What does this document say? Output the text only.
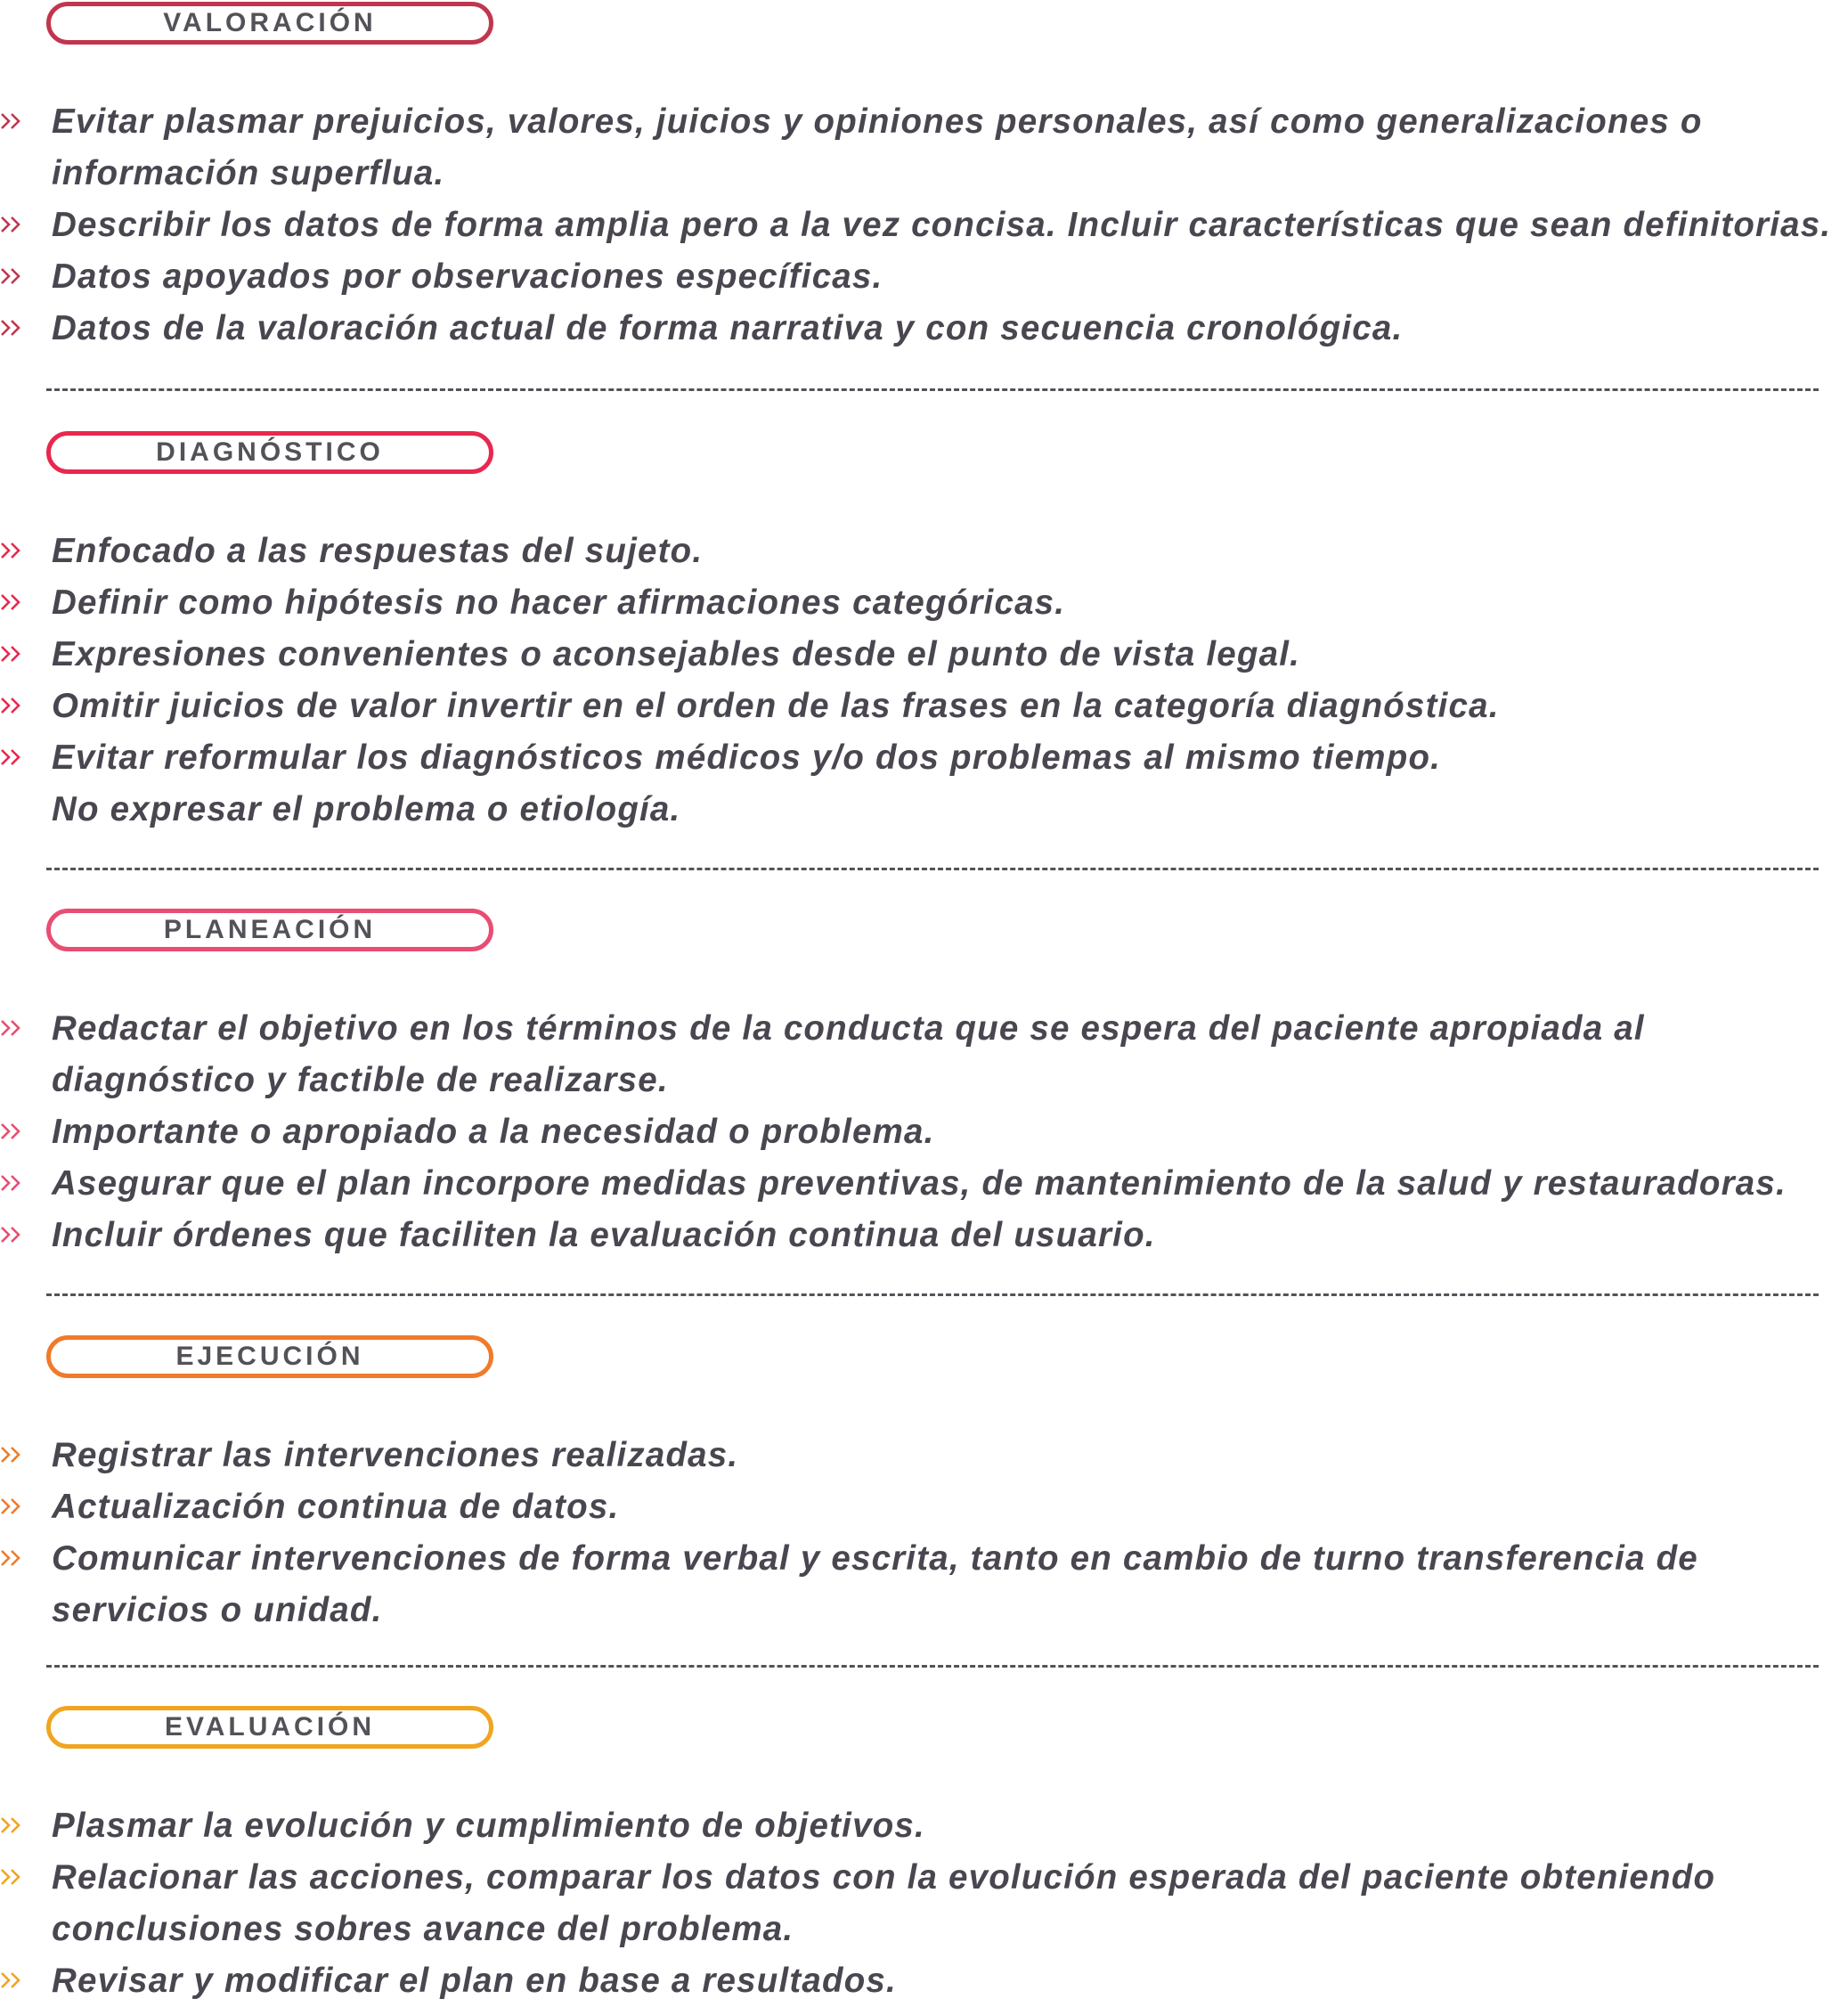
VALORACIÓN
Evitar plasmar prejuicios, valores, juicios y opiniones personales, así como generalizaciones o
información superflua.
Describir los datos de forma amplia pero a la vez concisa. Incluir características que sean definitorias.
Datos apoyados por observaciones específicas.
Datos de la valoración actual de forma narrativa y con secuencia cronológica.
DIAGNÓSTICO
Enfocado a las respuestas del sujeto.
Definir como hipótesis no hacer afirmaciones categóricas.
Expresiones convenientes o aconsejables desde el punto de vista legal.
Omitir juicios de valor invertir en el orden de las frases en la categoría diagnóstica.
Evitar reformular los diagnósticos médicos y/o dos problemas al mismo tiempo.
No expresar el problema o etiología.
PLANEACIÓN
Redactar el objetivo en los términos de la conducta que se espera del paciente apropiada al
diagnóstico y factible de realizarse.
Importante o apropiado a la necesidad o problema.
Asegurar que el plan incorpore medidas preventivas, de mantenimiento de la salud y restauradoras.
Incluir órdenes que faciliten la evaluación continua del usuario.
EJECUCIÓN
Registrar las intervenciones realizadas.
Actualización continua de datos.
Comunicar intervenciones de forma verbal y escrita, tanto en cambio de turno transferencia de
servicios o unidad.
EVALUACIÓN
Plasmar la evolución y cumplimiento de objetivos.
Relacionar las acciones, comparar los datos con la evolución esperada del paciente obteniendo
conclusiones sobres avance del problema.
Revisar y modificar el plan en base a resultados.
